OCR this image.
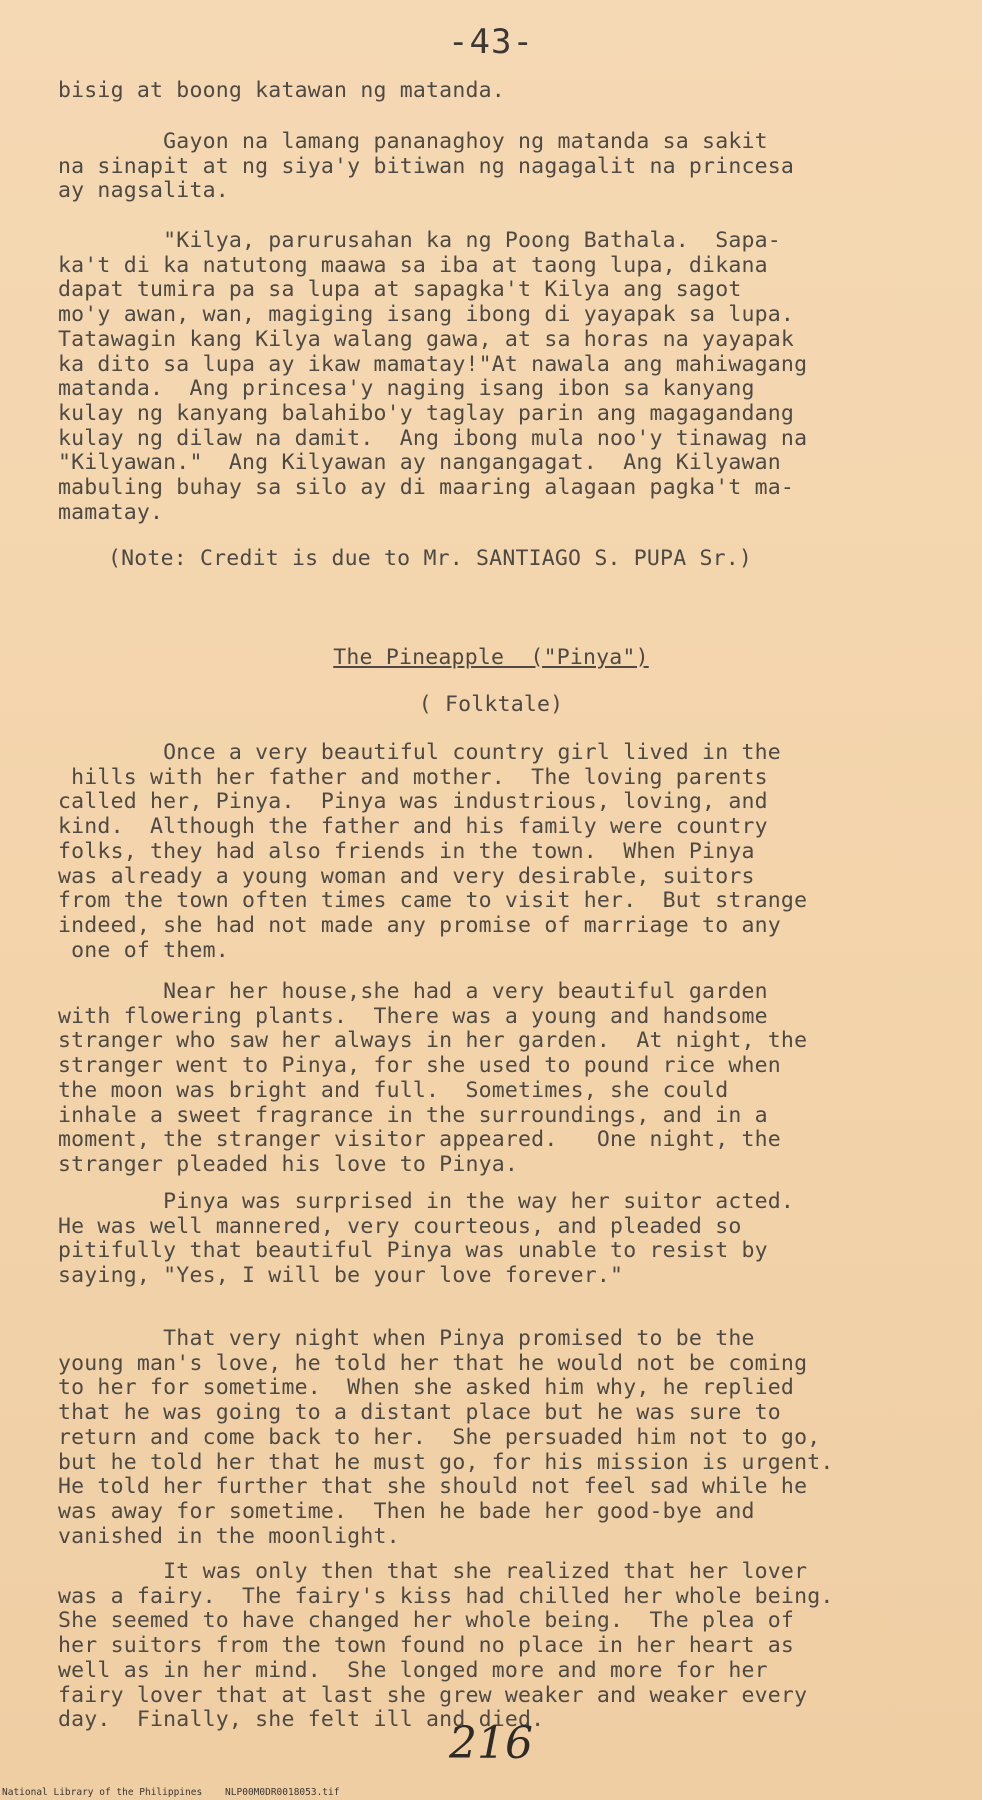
-43-
bisig at boong katawan ng matanda.
Gayon na lamang pananaghoy ng matanda sa sakit
na sinapit at ng siya'y bitiwan ng nagagalit na princesa
ay nagsalita.
"Kilya, parurusahan ka ng Poong Bathala.  Sapa-
ka't di ka natutong maawa sa iba at taong lupa, dikana
dapat tumira pa sa lupa at sapagka't Kilya ang sagot
mo'y awan, wan, magiging isang ibong di yayapak sa lupa.
Tatawagin kang Kilya walang gawa, at sa horas na yayapak
ka dito sa lupa ay ikaw mamatay!"At nawala ang mahiwagang
matanda.  Ang princesa'y naging isang ibon sa kanyang
kulay ng kanyang balahibo'y taglay parin ang magagandang
kulay ng dilaw na damit.  Ang ibong mula noo'y tinawag na
"Kilyawan."  Ang Kilyawan ay nangangagat.  Ang Kilyawan
mabuling buhay sa silo ay di maaring alagaan pagka't ma-
mamatay.
(Note: Credit is due to Mr. SANTIAGO S. PUPA Sr.)
The Pineapple  ("Pinya")
( Folktale)
Once a very beautiful country girl lived in the
hills with her father and mother.  The loving parents
called her, Pinya.  Pinya was industrious, loving, and
kind.  Although the father and his family were country
folks, they had also friends in the town.  When Pinya
was already a young woman and very desirable, suitors
from the town often times came to visit her.  But strange
indeed, she had not made any promise of marriage to any
one of them.
Near her house,she had a very beautiful garden
with flowering plants.  There was a young and handsome
stranger who saw her always in her garden.  At night, the
stranger went to Pinya, for she used to pound rice when
the moon was bright and full.  Sometimes, she could
inhale a sweet fragrance in the surroundings, and in a
moment, the stranger visitor appeared.   One night, the
stranger pleaded his love to Pinya.
Pinya was surprised in the way her suitor acted.
He was well mannered, very courteous, and pleaded so
pitifully that beautiful Pinya was unable to resist by
saying, "Yes, I will be your love forever."
That very night when Pinya promised to be the
young man's love, he told her that he would not be coming
to her for sometime.  When she asked him why, he replied
that he was going to a distant place but he was sure to
return and come back to her.  She persuaded him not to go,
but he told her that he must go, for his mission is urgent.
He told her further that she should not feel sad while he
was away for sometime.  Then he bade her good-bye and
vanished in the moonlight.
It was only then that she realized that her lover
was a fairy.  The fairy's kiss had chilled her whole being.
She seemed to have changed her whole being.  The plea of
her suitors from the town found no place in her heart as
well as in her mind.  She longed more and more for her
fairy lover that at last she grew weaker and weaker every
day.  Finally, she felt ill and died.
216
National Library of the Philippines    NLP00M0DR0018053.tif
